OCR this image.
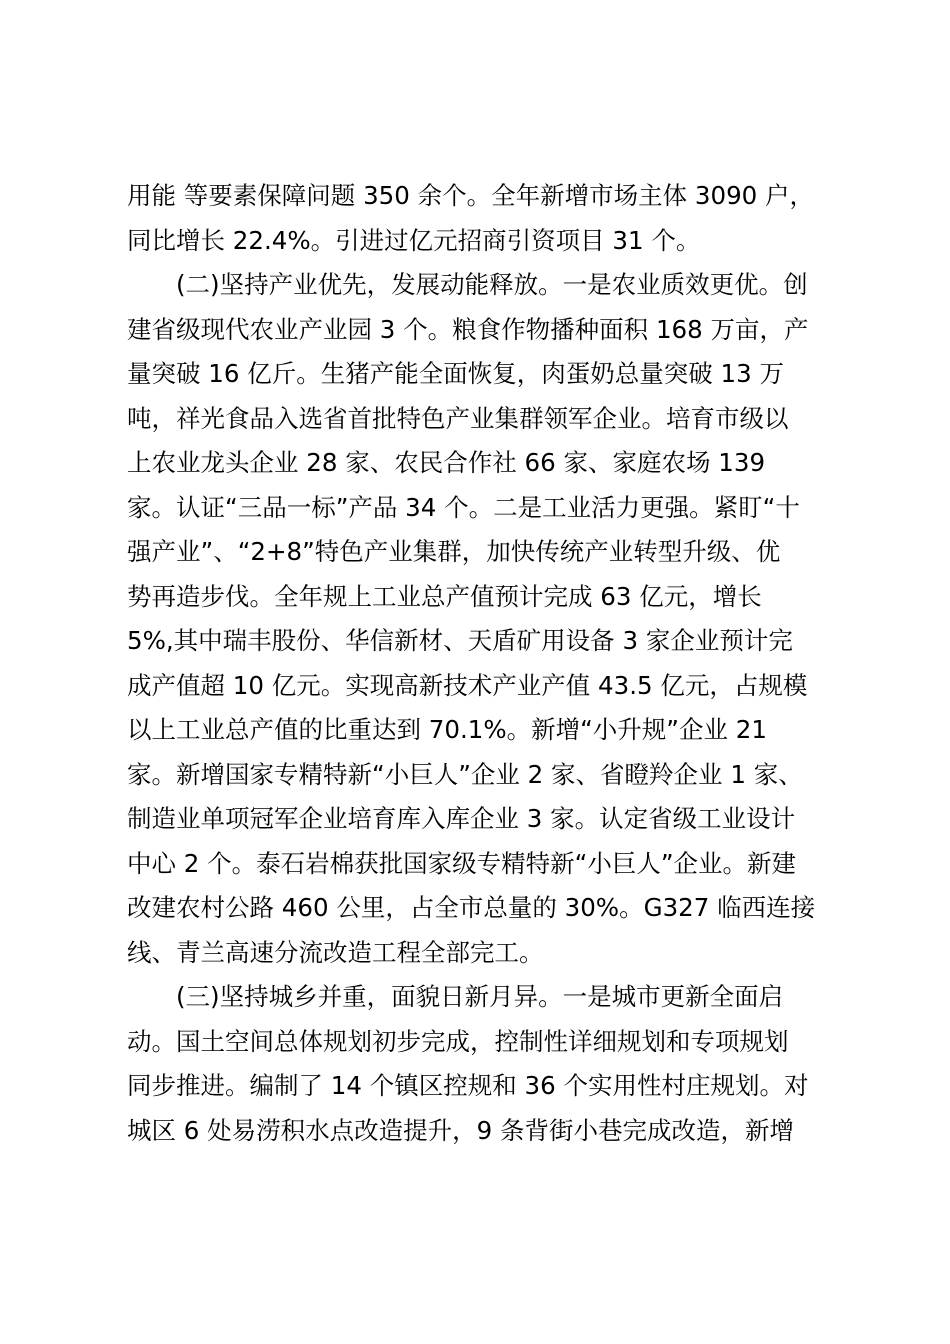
用能 等要素保障问题 350 余个。全年新增市场主体 3090 户，
同比增长 22.4%。引进过亿元招商引资项目 31 个。
(二)坚持产业优先，发展动能释放。一是农业质效更优。创
建省级现代农业产业园 3 个。粮食作物播种面积 168 万亩，产
量突破 16 亿斤。生猪产能全面恢复，肉蛋奶总量突破 13 万
吨，祥光食品入选省首批特色产业集群领军企业。培育市级以
上农业龙头企业 28 家、农民合作社 66 家、家庭农场 139
家。认证“三品一标”产品 34 个。二是工业活力更强。紧盯“十
强产业”、“2+8”特色产业集群，加快传统产业转型升级、优
势再造步伐。全年规上工业总产值预计完成 63 亿元，增长
5%,其中瑞丰股份、华信新材、天盾矿用设备 3 家企业预计完
成产值超 10 亿元。实现高新技术产业产值 43.5 亿元，占规模
以上工业总产值的比重达到 70.1%。新增“小升规”企业 21
家。新增国家专精特新“小巨人”企业 2 家、省瞪羚企业 1 家、
制造业单项冠军企业培育库入库企业 3 家。认定省级工业设计
中心 2 个。泰石岩棉获批国家级专精特新“小巨人”企业。新建
改建农村公路 460 公里，占全市总量的 30%。G327 临西连接
线、青兰高速分流改造工程全部完工。
(三)坚持城乡并重，面貌日新月异。一是城市更新全面启
动。国土空间总体规划初步完成，控制性详细规划和专项规划
同步推进。编制了 14 个镇区控规和 36 个实用性村庄规划。对
城区 6 处易涝积水点改造提升，9 条背街小巷完成改造，新增
